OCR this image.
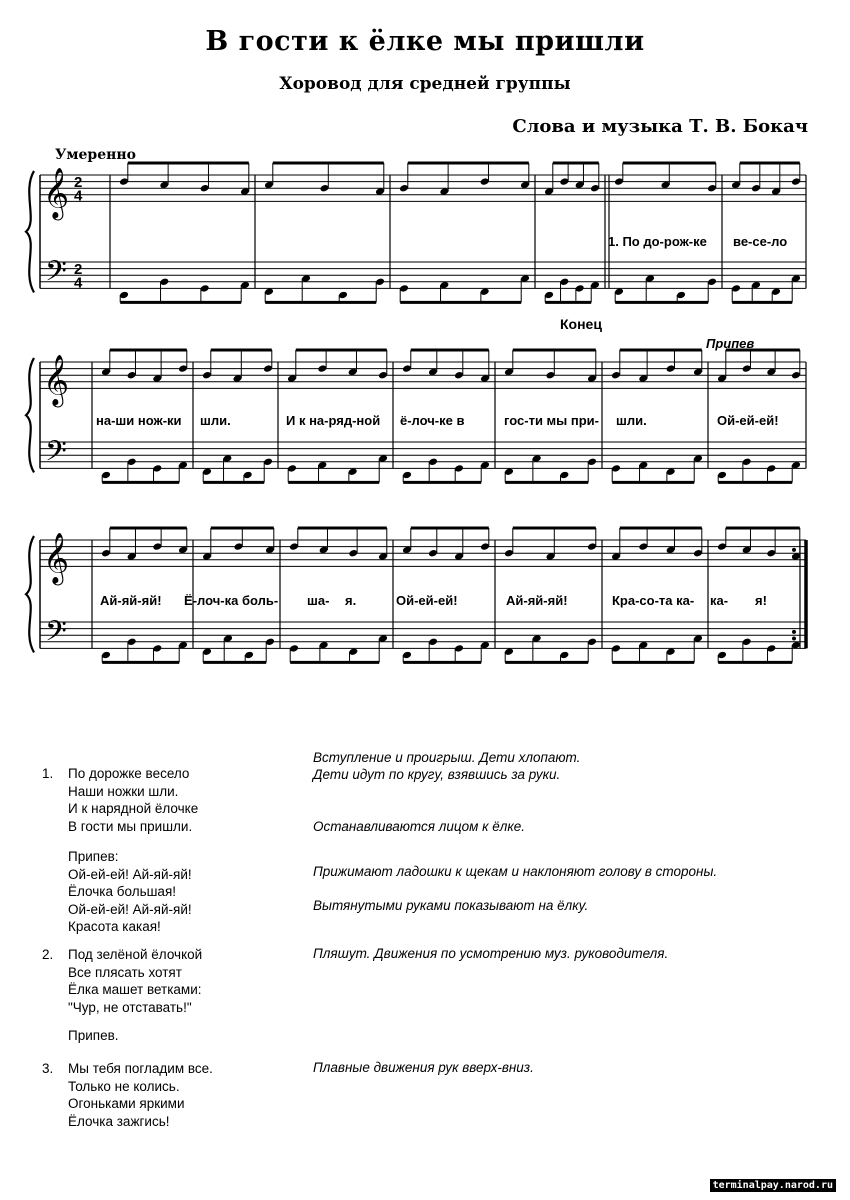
В гости к ёлке мы пришли
Хоровод для средней группы
Слова и музыка Т. В. Бокач
Умеренно
𝄞
𝄢
2
4
2
4
𝄞
𝄢
𝄞
𝄢
1. По до-рож-ке ве-се-ло
Конец
Припев
на-ши нож-ки шли.	И к на-ряд-ной ё-лоч-ке в	гос-ти мы при- шли.	Ой-ей-ей!
Ай-яй-яй! Ё-лоч-ка боль- ша- я.	Ой-ей-ей!	Ай-яй-яй!	Кра-со-та ка- ка- я!
1. По дорожке весело
Наши ножки шли.
И к нарядной ёлочке
В гости мы пришли.
Припев:
Ой-ей-ей! Ай-яй-яй!
Ёлочка большая!
Ой-ей-ей! Ай-яй-яй!
Красота какая!
2. Под зелёной ёлочкой
Все плясать хотят
Ёлка машет ветками:
"Чур, не отставать!"
Припев.
3. Мы тебя погладим все.
Только не колись.
Огоньками яркими
Ёлочка зажгись!
Вступление и проигрыш. Дети хлопают.
Дети идут по кругу, взявшись за руки.
Останавливаются лицом к ёлке.
Прижимают ладошки к щекам и наклоняют голову в стороны.
Вытянутыми руками показывают на ёлку.
Пляшут. Движения по усмотрению муз. руководителя.
Плавные движения рук вверх-вниз.
terminalpay.narod.ru
